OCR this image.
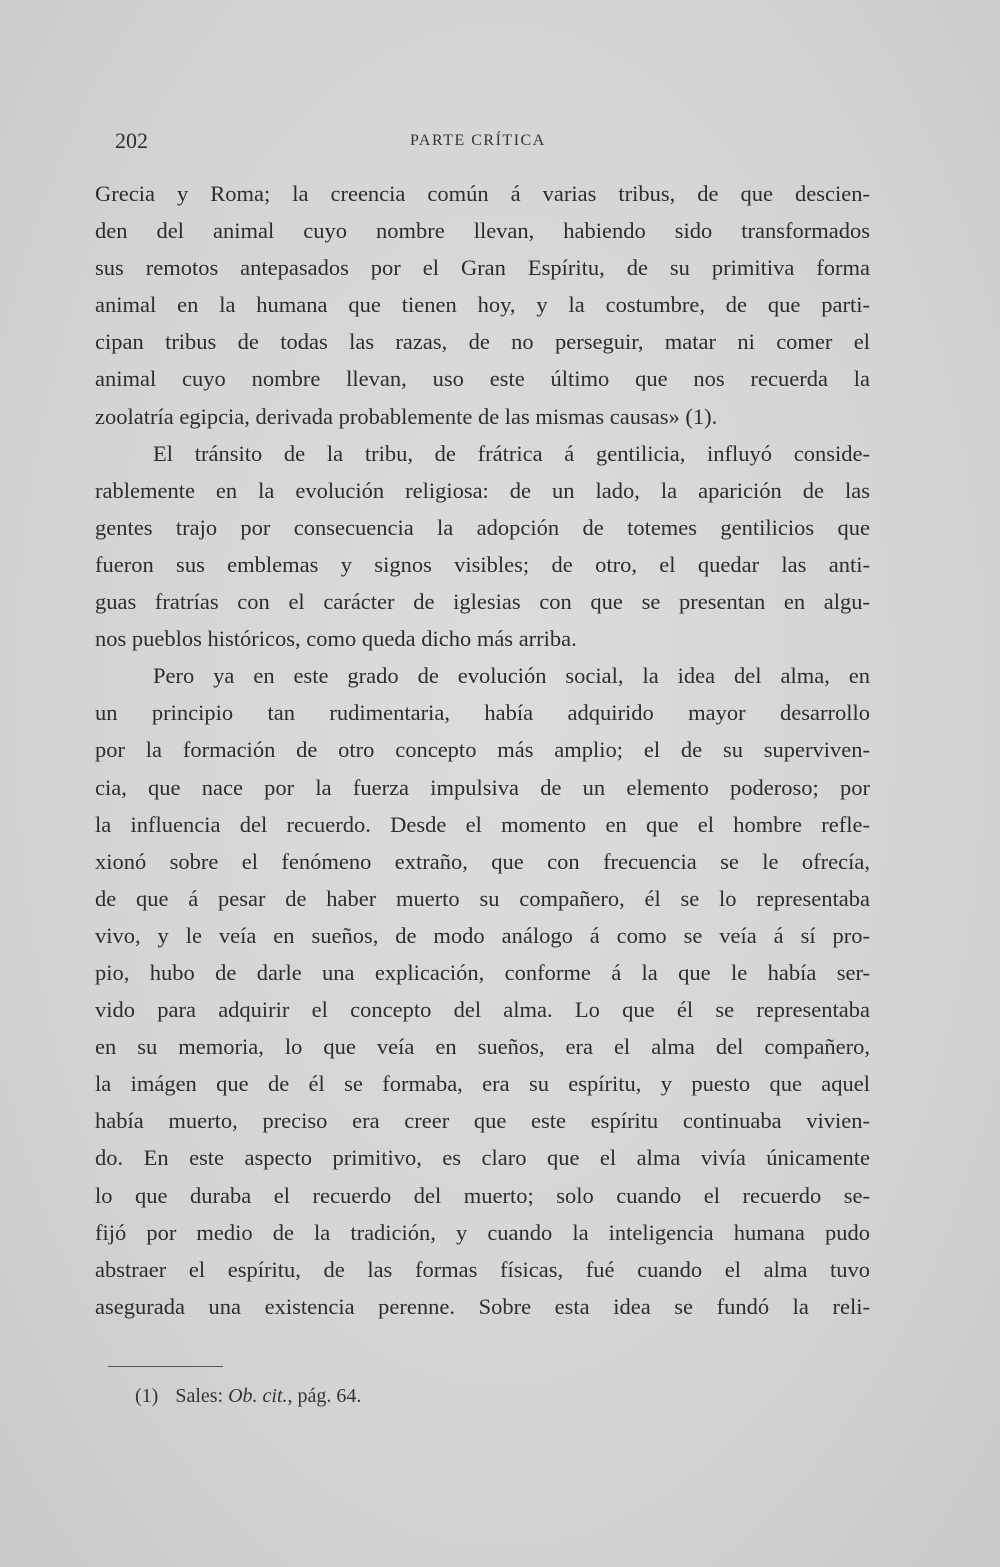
202	PARTE CRÍTICA
Grecia y Roma; la creencia común á varias tribus, de que descien-
den del animal cuyo nombre llevan, habiendo sido transformados
sus remotos antepasados por el Gran Espíritu, de su primitiva forma
animal en la humana que tienen hoy, y la costumbre, de que parti-
cipan tribus de todas las razas, de no perseguir, matar ni comer el
animal cuyo nombre llevan, uso este último que nos recuerda la
zoolatría egipcia, derivada probablemente de las mismas causas» (1).
El tránsito de la tribu, de frátrica á gentilicia, influyó conside-
rablemente en la evolución religiosa: de un lado, la aparición de las
gentes trajo por consecuencia la adopción de totemes gentilicios que
fueron sus emblemas y signos visibles; de otro, el quedar las anti-
guas fratrías con el carácter de iglesias con que se presentan en algu-
nos pueblos históricos, como queda dicho más arriba.
Pero ya en este grado de evolución social, la idea del alma, en
un principio tan rudimentaria, había adquirido mayor desarrollo
por la formación de otro concepto más amplio; el de su superviven-
cia, que nace por la fuerza impulsiva de un elemento poderoso; por
la influencia del recuerdo. Desde el momento en que el hombre refle-
xionó sobre el fenómeno extraño, que con frecuencia se le ofrecía,
de que á pesar de haber muerto su compañero, él se lo representaba
vivo, y le veía en sueños, de modo análogo á como se veía á sí pro-
pio, hubo de darle una explicación, conforme á la que le había ser-
vido para adquirir el concepto del alma. Lo que él se representaba
en su memoria, lo que veía en sueños, era el alma del compañero,
la imágen que de él se formaba, era su espíritu, y puesto que aquel
había muerto, preciso era creer que este espíritu continuaba vivien-
do. En este aspecto primitivo, es claro que el alma vivía únicamente
lo que duraba el recuerdo del muerto; solo cuando el recuerdo se-
fijó por medio de la tradición, y cuando la inteligencia humana pudo
abstraer el espíritu, de las formas físicas, fué cuando el alma tuvo
asegurada una existencia perenne. Sobre esta idea se fundó la reli-
(1) Sales: Ob. cit., pág. 64.
